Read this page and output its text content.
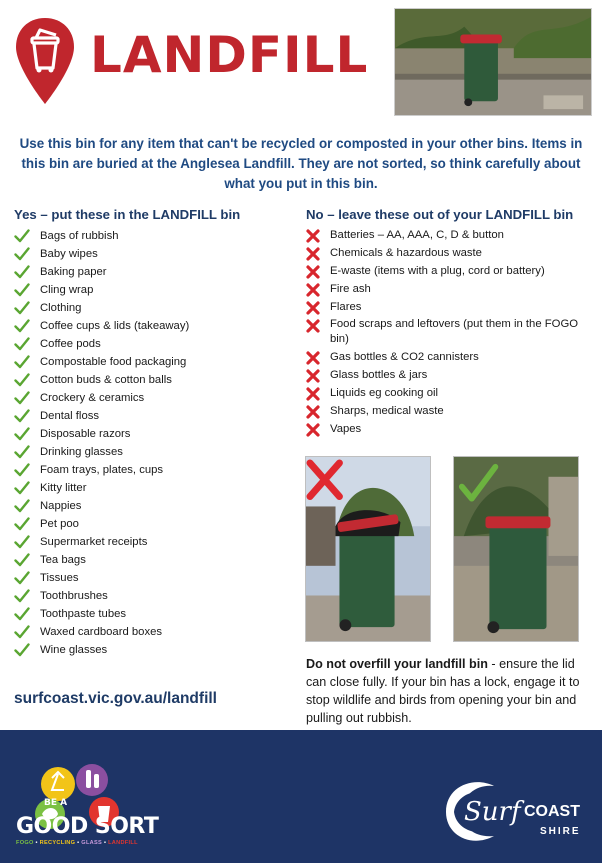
LANDFILL
Use this bin for any item that can't be recycled or composted in your other bins. Items in this bin are buried at the Anglesea Landfill. They are not sorted, so think carefully about what you put in this bin.
Yes – put these in the LANDFILL bin	No – leave these out of your LANDFILL bin
Bags of rubbish
Baby wipes
Baking paper
Cling wrap
Clothing
Coffee cups & lids (takeaway)
Coffee pods
Compostable food packaging
Cotton buds & cotton balls
Crockery & ceramics
Dental floss
Disposable razors
Drinking glasses
Foam trays, plates, cups
Kitty litter
Nappies
Pet poo
Supermarket receipts
Tea bags
Tissues
Toothbrushes
Toothpaste tubes
Waxed cardboard boxes
Wine glasses
Batteries – AA, AAA, C, D & button
Chemicals & hazardous waste
E-waste (items with a plug, cord or battery)
Fire ash
Flares
Food scraps and leftovers (put them in the FOGO bin)
Gas bottles & CO2 cannisters
Glass bottles & jars
Liquids eg cooking oil
Sharps, medical waste
Vapes
Do not overfill your landfill bin - ensure the lid can close fully. If your bin has a lock, engage it to stop wildlife and birds from opening your bin and pulling out rubbish.
surfcoast.vic.gov.au/landfill
BE A
GOOD SORT
FOGO • RECYCLING • GLASS • LANDFILL
Surf COAST
SHIRE
